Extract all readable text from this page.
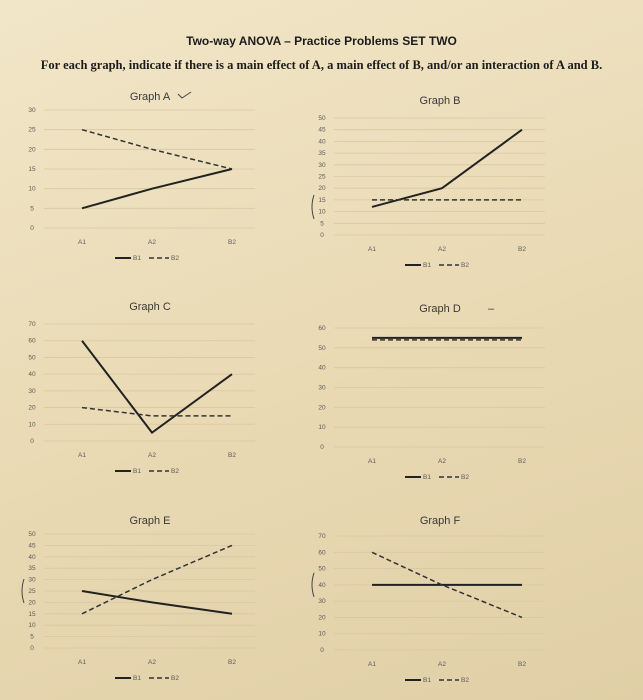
Two-way ANOVA – Practice Problems SET TWO
For each graph, indicate if there is a main effect of A, a main effect of B, and/or an interaction of A and B.
Graph A
0
5
10
15
20
25
30
A1	A2	B2
B1	B2
Graph B
0
5
10
15
20
25
30
35
40
45
50
A1	A2	B2
B1	B2
Graph C
0
10
20
30
40
50
60
70
A1	A2	B2
B1	B2
Graph D –
0
10
20
30
40
50
60
A1	A2	B2
B1	B2
Graph E
0
5
10
15
20
25
30
35
40
45
50
A1	A2	B2
B1	B2
Graph F
0
10
20
30
40
50
60
70
A1	A2	B2
B1	B2
